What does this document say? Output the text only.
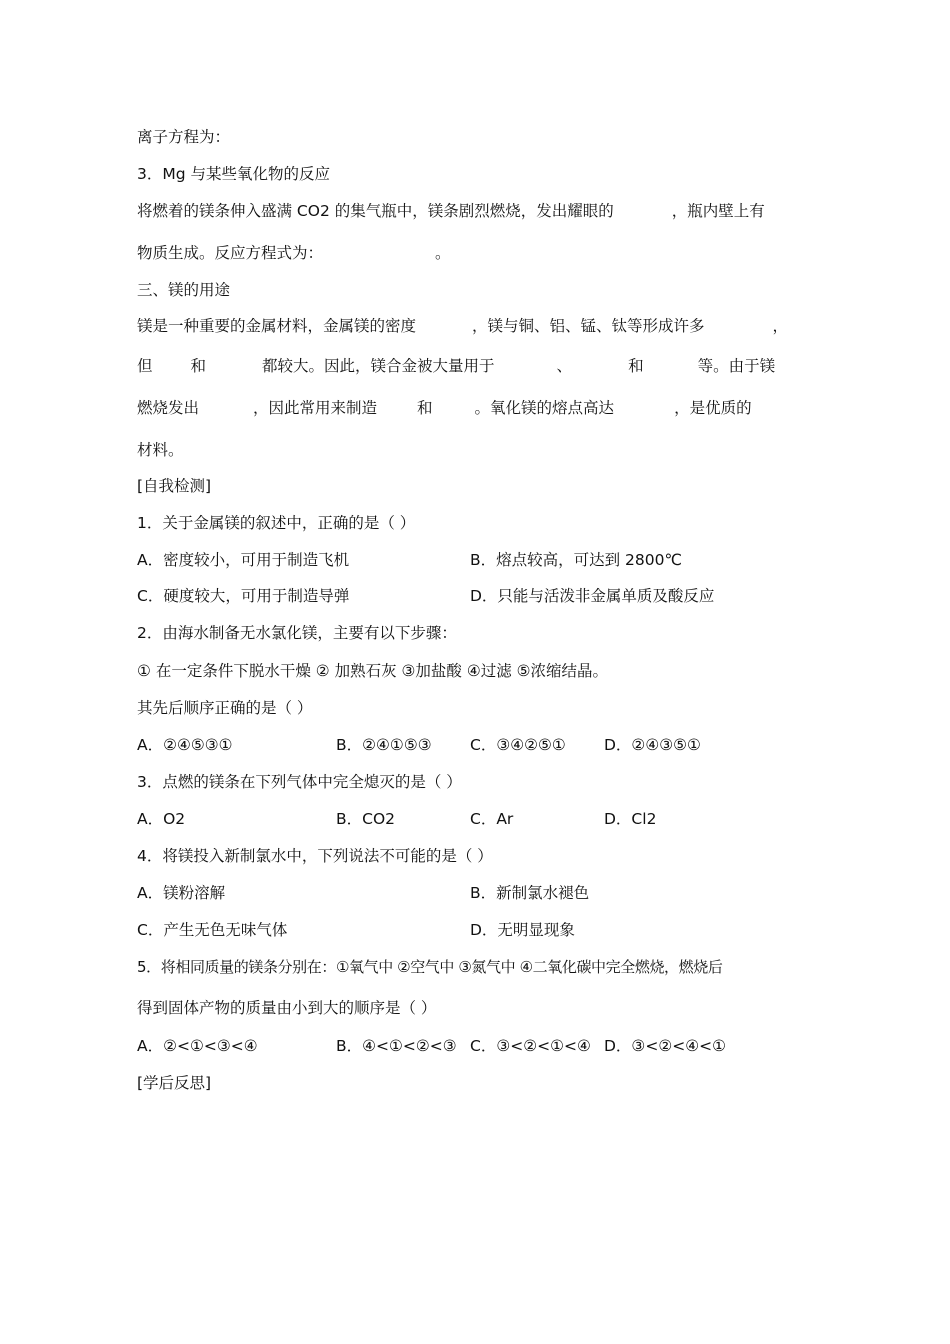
离子方程为：
3．Mg 与某些氧化物的反应
将燃着的镁条伸入盛满 CO2 的集气瓶中，镁条剧烈燃烧，发出耀眼的	，瓶内壁上有
物质生成。反应方程式为：	。
三、镁的用途
镁是一种重要的金属材料，金属镁的密度	，镁与铜、铝、锰、钛等形成许多	，
但 和	都较大。因此，镁合金被大量用于	、	和	等。由于镁
燃烧发出	，因此常用来制造	和	。氧化镁的熔点高达	，是优质的
材料。
[自我检测]
1．关于金属镁的叙述中，正确的是（ ）
A．密度较小，可用于制造飞机	B．熔点较高，可达到 2800℃
C．硬度较大，可用于制造导弹	D．只能与活泼非金属单质及酸反应
2．由海水制备无水氯化镁，主要有以下步骤：
① 在一定条件下脱水干燥 ② 加熟石灰 ③加盐酸 ④过滤 ⑤浓缩结晶。
其先后顺序正确的是（ ）
A．②④⑤③①	B．②④①⑤③ C．③④②⑤① D．②④③⑤①
3．点燃的镁条在下列气体中完全熄灭的是（ ）
A．O2	B．CO2	C．Ar	D．Cl2
4．将镁投入新制氯水中，下列说法不可能的是（ ）
A．镁粉溶解	B．新制氯水褪色
C．产生无色无味气体	D．无明显现象
5．将相同质量的镁条分别在：①氧气中 ②空气中 ③氮气中 ④二氧化碳中完全燃烧，燃烧后
得到固体产物的质量由小到大的顺序是（ ）
A．②<①<③<④	B．④<①<②<③ C．③<②<①<④ D．③<②<④<①
[学后反思]
